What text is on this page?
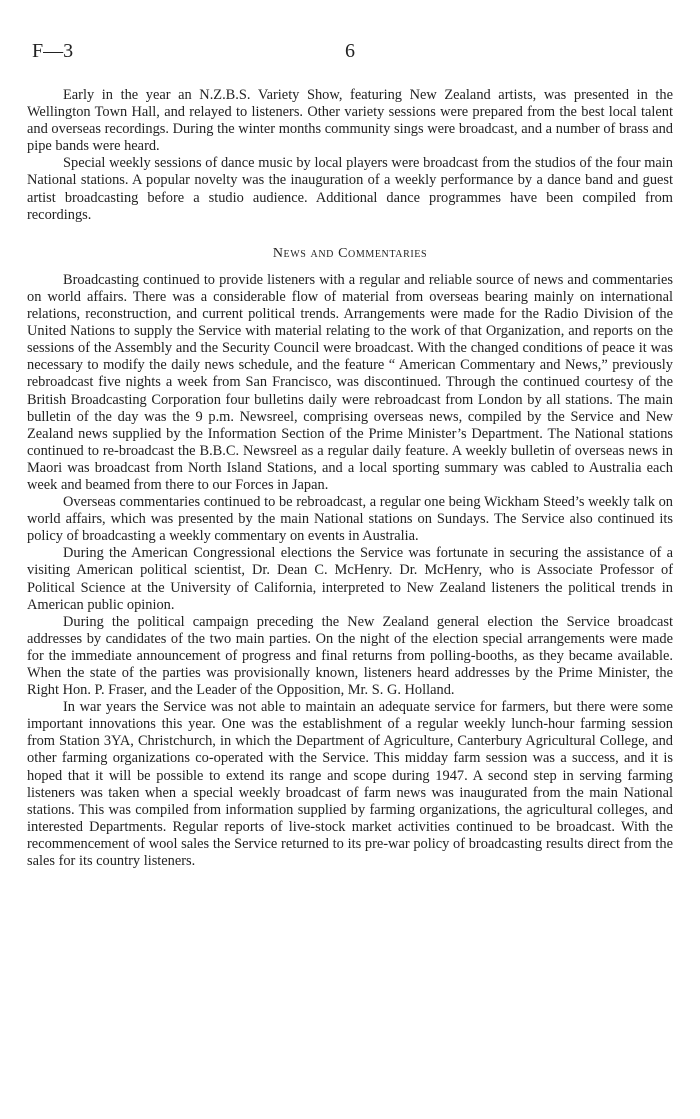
F—3	6

Early in the year an N.Z.B.S. Variety Show, featuring New Zealand artists, was presented in the Wellington Town Hall, and relayed to listeners. Other variety sessions were prepared from the best local talent and overseas recordings. During the winter months community sings were broadcast, and a number of brass and pipe bands were heard.

Special weekly sessions of dance music by local players were broadcast from the studios of the four main National stations. A popular novelty was the inauguration of a weekly performance by a dance band and guest artist broadcasting before a studio audience. Additional dance programmes have been compiled from recordings.

News and Commentaries

Broadcasting continued to provide listeners with a regular and reliable source of news and commentaries on world affairs. There was a considerable flow of material from overseas bearing mainly on international relations, reconstruction, and current political trends. Arrangements were made for the Radio Division of the United Nations to supply the Service with material relating to the work of that Organization, and reports on the sessions of the Assembly and the Security Council were broadcast. With the changed conditions of peace it was necessary to modify the daily news schedule, and the feature “ American Commentary and News,” previously rebroadcast five nights a week from San Francisco, was discontinued. Through the continued courtesy of the British Broadcasting Corporation four bulletins daily were rebroadcast from London by all stations. The main bulletin of the day was the 9 p.m. Newsreel, comprising overseas news, compiled by the Service and New Zealand news supplied by the Information Section of the Prime Minister’s Department. The National stations continued to re-broadcast the B.B.C. Newsreel as a regular daily feature. A weekly bulletin of overseas news in Maori was broadcast from North Island Stations, and a local sporting summary was cabled to Australia each week and beamed from there to our Forces in Japan.

Overseas commentaries continued to be rebroadcast, a regular one being Wickham Steed’s weekly talk on world affairs, which was presented by the main National stations on Sundays. The Service also continued its policy of broadcasting a weekly commentary on events in Australia.

During the American Congressional elections the Service was fortunate in securing the assistance of a visiting American political scientist, Dr. Dean C. McHenry. Dr. McHenry, who is Associate Professor of Political Science at the University of California, interpreted to New Zealand listeners the political trends in American public opinion.

During the political campaign preceding the New Zealand general election the Service broadcast addresses by candidates of the two main parties. On the night of the election special arrangements were made for the immediate announcement of progress and final returns from polling-booths, as they became available. When the state of the parties was provisionally known, listeners heard addresses by the Prime Minister, the Right Hon. P. Fraser, and the Leader of the Opposition, Mr. S. G. Holland.

In war years the Service was not able to maintain an adequate service for farmers, but there were some important innovations this year. One was the establishment of a regular weekly lunch-hour farming session from Station 3YA, Christchurch, in which the Department of Agriculture, Canterbury Agricultural College, and other farming organizations co-operated with the Service. This midday farm session was a success, and it is hoped that it will be possible to extend its range and scope during 1947. A second step in serving farming listeners was taken when a special weekly broadcast of farm news was inaugurated from the main National stations. This was compiled from information supplied by farming organizations, the agricultural colleges, and interested Departments. Regular reports of live-stock market activities continued to be broadcast. With the recommencement of wool sales the Service returned to its pre-war policy of broadcasting results direct from the sales for its country listeners.
